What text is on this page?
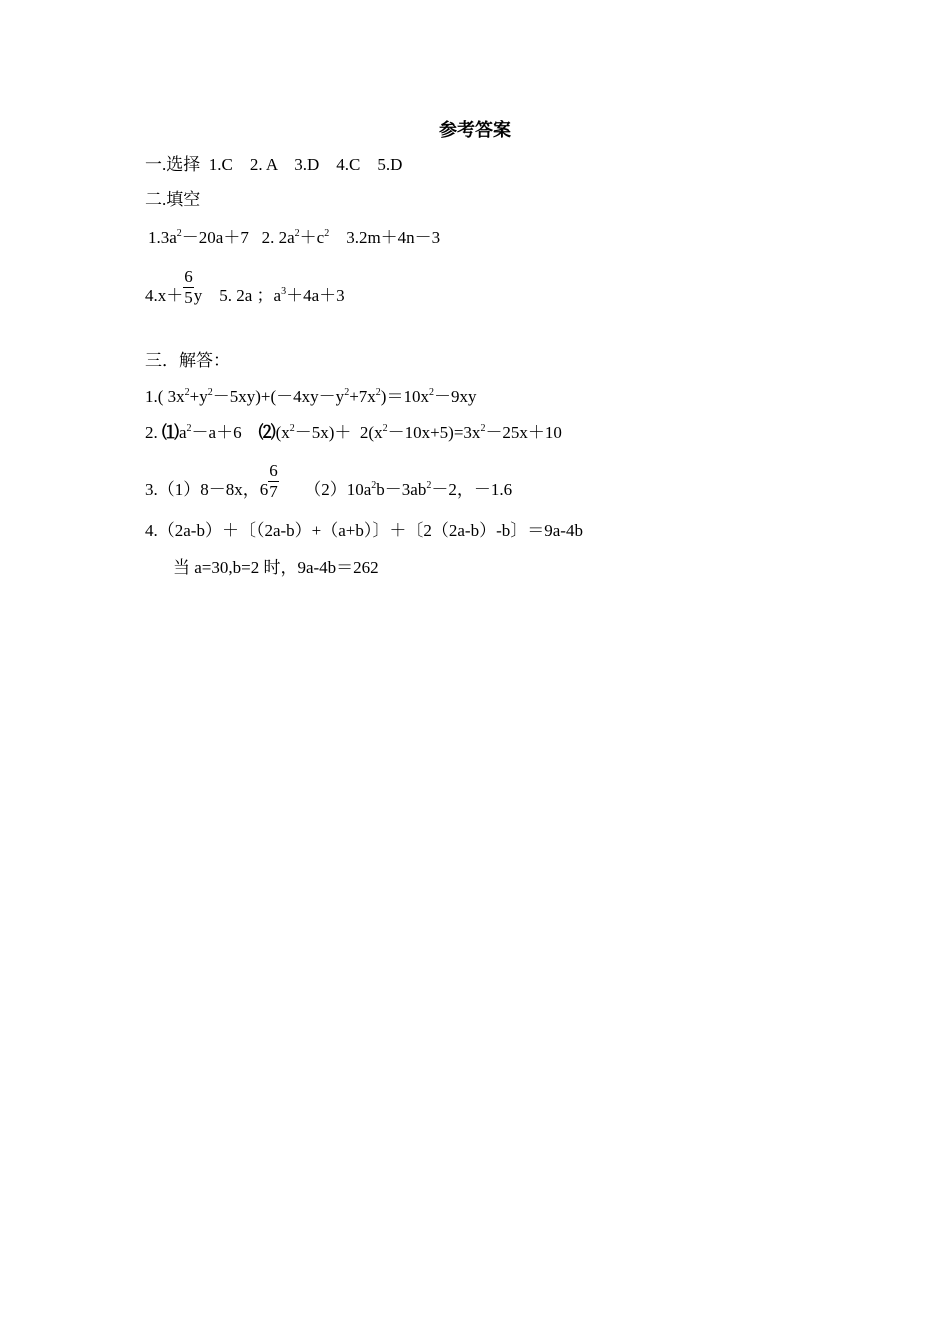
参考答案
一.选择 1.C 2. A 3.D 4.C 5.D
二.填空
$1.3a^2-20a+7$ 2. $2a^2+c^2$ 3.2m＋4n－3
$4.x+ \frac{6}{5}$ y 5. 2a ；$a^3+4a+3$
三．解答：
1.( $3x^2+y^2-5xy)+(-4xy-y^2+7x^2)=10x^2-9xy$
2. $⑴a^2-a+6$    $⑵(x^2-5x)+ 2(x^2-10x+5)=3x^2-25x+10$
3.（1）8－8x，$6 \frac{6}{7} (2)10a^2b-3ab^2-2$，－1.6
4.（2a-b）＋〔（2a-b）+（a+b）〕＋〔2（2a-b）-b〕＝9a-4b
当 a=30,b=2 时，9a-4b＝262
